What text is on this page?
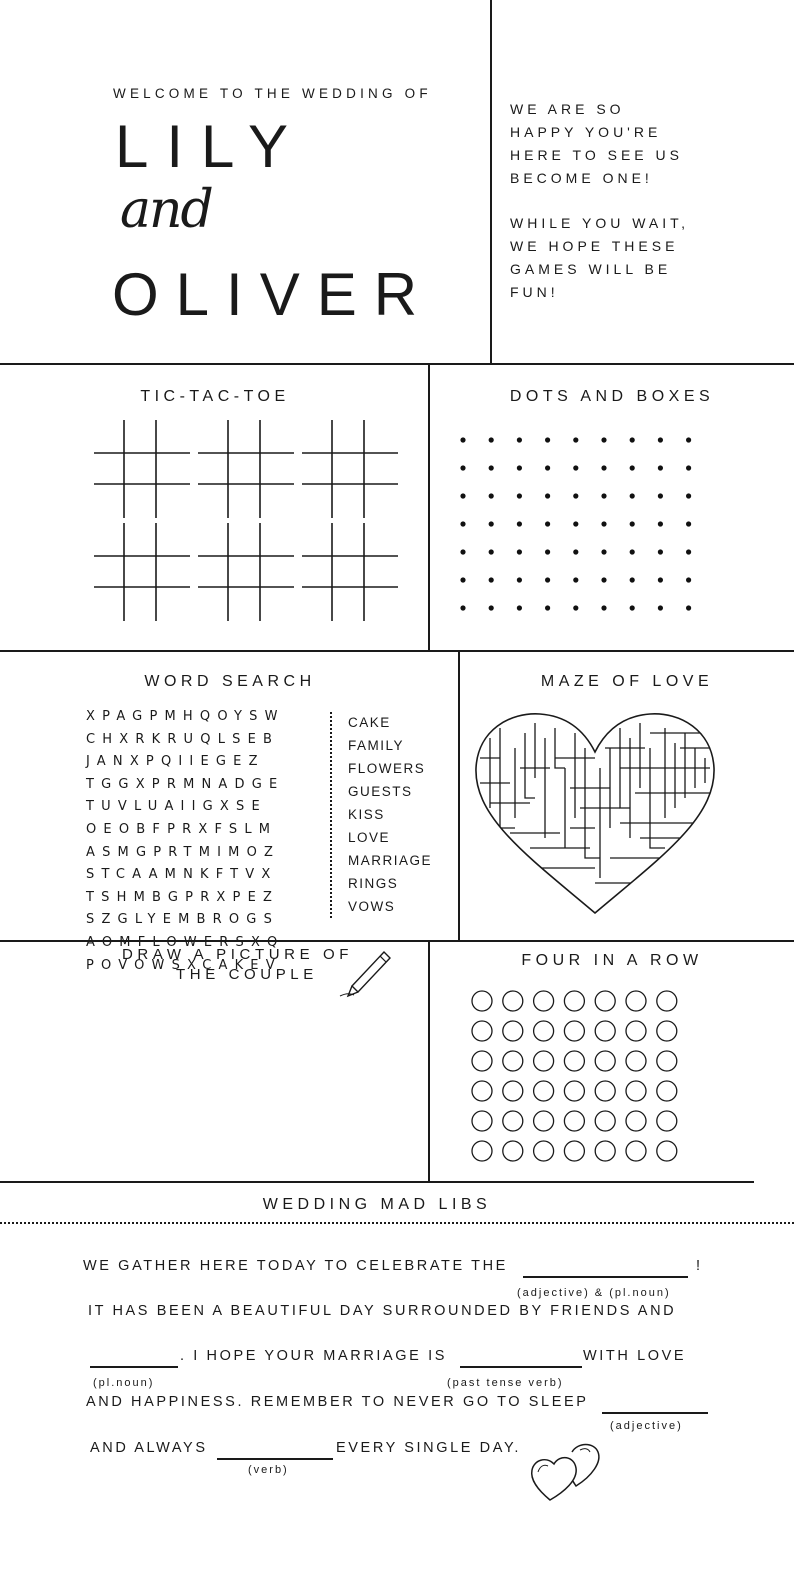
WELCOME TO THE WEDDING OF
LILY
and
OLIVER
WE ARE SO
HAPPY YOU'RE
HERE TO SEE US
BECOME ONE!
WHILE YOU WAIT,
WE HOPE THESE
GAMES WILL BE
FUN!
TIC-TAC-TOE	DOTS AND BOXES
WORD SEARCH
XPAGPMHQOYSW
CHXRKRUQLSEB
JANXPQIIEGEZ
TGGXPRMNADGE
TUVLUAIIGXSE
OEOBFPRXFSLM
ASMGPRTMIMOZ
STCAAMNKFTVX
TSHMBGPRXPEZ
SZGLYEMBROGS
AOMFLOWERSXQ
POVOWSXCAKEV
CAKE
FAMILY
FLOWERS
GUESTS
KISS
LOVE
MARRIAGE
RINGS
VOWS
MAZE OF LOVE
DRAW A PICTURE OF
THE COUPLE
FOUR IN A ROW
WEDDING MAD LIBS
WE GATHER HERE TODAY TO CELEBRATE THE	!
(adjective) & (pl.noun)
IT HAS BEEN A BEAUTIFUL DAY SURROUNDED BY FRIENDS AND
. I HOPE YOUR MARRIAGE IS	WITH LOVE
(pl.noun)	(past tense verb)
AND HAPPINESS. REMEMBER TO NEVER GO TO SLEEP
(adjective)
AND ALWAYS	EVERY SINGLE DAY.
(verb)
